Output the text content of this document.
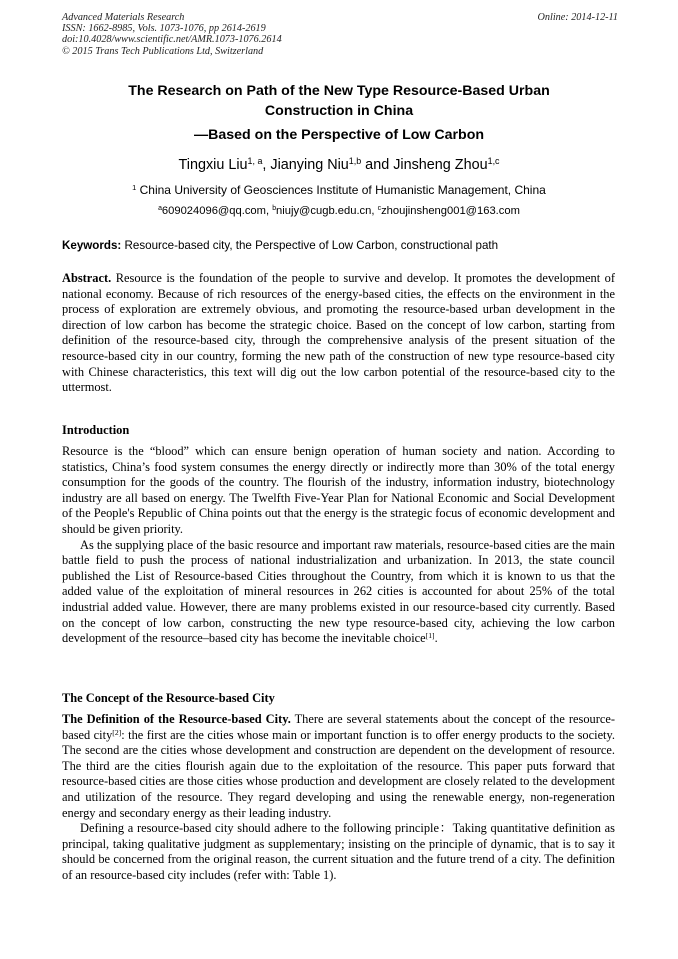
Advanced Materials Research
ISSN: 1662-8985, Vols. 1073-1076, pp 2614-2619
doi:10.4028/www.scientific.net/AMR.1073-1076.2614
© 2015 Trans Tech Publications Ltd, Switzerland
Online: 2014-12-11
The Research on Path of the New Type Resource-Based Urban
Construction in China
—Based on the Perspective of Low Carbon
Tingxiu Liu$^{1, a}$, Jianying Niu$^{1,b}$ and Jinsheng Zhou$^{1,c}$
$^1$ China University of Geosciences Institute of Humanistic Management, China
$^a$609024096@qq.com, $^b$niujy@cugb.edu.cn, $^c$zhoujinsheng001@163.com
Keywords: Resource-based city, the Perspective of Low Carbon, constructional path

Abstract. Resource is the foundation of the people to survive and develop. It promotes the development of national economy. Because of rich resources of the energy-based cities, the effects on the environment in the process of exploration are extremely obvious, and promoting the resource-based urban development in the direction of low carbon has become the strategic choice. Based on the concept of low carbon, starting from definition of the resource-based city, through the comprehensive analysis of the present situation of the resource-based city in our country, forming the new path of the construction of new type resource-based city with Chinese characteristics, this text will dig out the low carbon potential of the resource-based city to the uttermost.

Introduction

Resource is the “blood” which can ensure benign operation of human society and nation. According to statistics, China’s food system consumes the energy directly or indirectly more than 30% of the total energy consumption for the goods of the country. The flourish of the industry, information industry, biotechnology industry are all based on energy. The Twelfth Five-Year Plan for National Economic and Social Development of the People's Republic of China points out that the energy is the strategic focus of economic development and should be given priority.

As the supplying place of the basic resource and important raw materials, resource-based cities are the main battle field to push the process of national industrialization and urbanization. In 2013, the state council published the List of Resource-based Cities throughout the Country, from which it is known to us that the added value of the exploitation of mineral resources in 262 cities is accounted for about 25% of the total industrial added value. However, there are many problems existed in our resource-based city currently. Based on the concept of low carbon, constructing the new type resource-based city, achieving the low carbon development of the resource–based city has become the inevitable choice[1].

The Concept of the Resource-based City

The Definition of the Resource-based City. There are several statements about the concept of the resource-based city[2]: the first are the cities whose main or important function is to offer energy products to the society. The second are the cities whose development and construction are dependent on the development of resource. The third are the cities flourish again due to the exploitation of the resource. This paper puts forward that resource-based cities are those cities whose production and development are closely related to the development and utilization of the resource. They regard developing and using the renewable energy, non-regeneration energy and secondary energy as their leading industry.

Defining a resource-based city should adhere to the following principle：Taking quantitative definition as principal, taking qualitative judgment as supplementary; insisting on the principle of dynamic, that is to say it should be concerned from the original reason, the current situation and the future trend of a city. The definition of an resource-based city includes (refer with: Table 1).
